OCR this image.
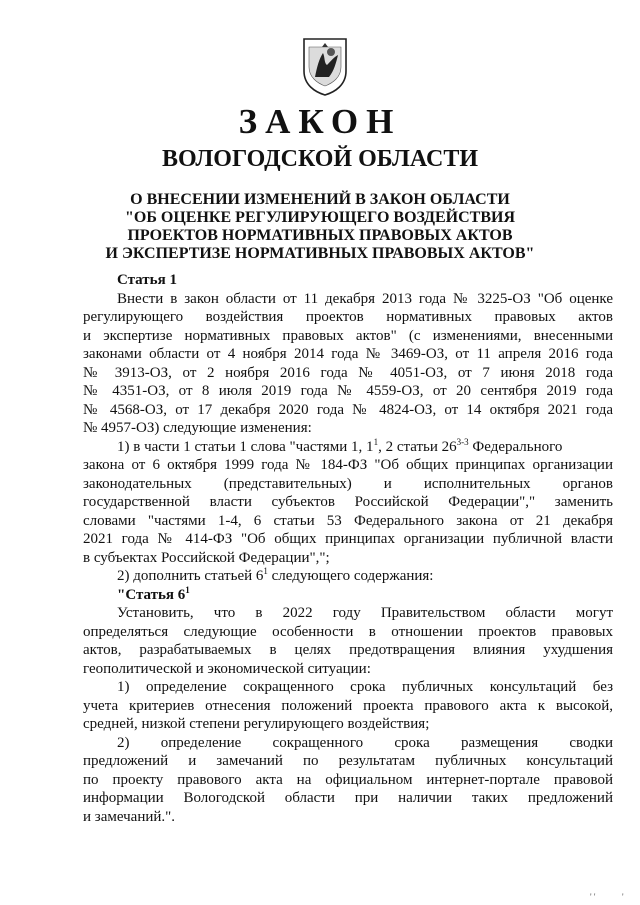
ЗАКОН
ВОЛОГОДСКОЙ ОБЛАСТИ
О ВНЕСЕНИИ ИЗМЕНЕНИЙ В ЗАКОН ОБЛАСТИ
"ОБ ОЦЕНКЕ РЕГУЛИРУЮЩЕГО ВОЗДЕЙСТВИЯ
ПРОЕКТОВ НОРМАТИВНЫХ ПРАВОВЫХ АКТОВ
И ЭКСПЕРТИЗЕ НОРМАТИВНЫХ ПРАВОВЫХ АКТОВ"
Статья 1
Внести в закон области от 11 декабря 2013 года № 3225-ОЗ "Об оценке
регулирующего воздействия проектов нормативных правовых актов
и экспертизе нормативных правовых актов" (с изменениями, внесенными
законами области от 4 ноября 2014 года № 3469-ОЗ, от 11 апреля 2016 года
№ 3913-ОЗ, от 2 ноября 2016 года № 4051-ОЗ, от 7 июня 2018 года
№ 4351-ОЗ, от 8 июля 2019 года № 4559-ОЗ, от 20 сентября 2019 года
№ 4568-ОЗ, от 17 декабря 2020 года № 4824-ОЗ, от 14 октября 2021 года
№ 4957-ОЗ) следующие изменения:
1) в части 1 статьи 1 слова "частями 1, $1^1$, 2 статьи 26$^{3-3}$ Федерального
закона от 6 октября 1999 года № 184-ФЗ "Об общих принципах организации
законодательных (представительных) и исполнительных органов
государственной власти субъектов Российской Федерации"," заменить
словами "частями 1-4, 6 статьи 53 Федерального закона от 21 декабря
2021 года № 414-ФЗ "Об общих принципах организации публичной власти
в субъектах Российской Федерации",";
2) дополнить статьей $6^1$ следующего содержания:
"Статья $6^1$
Установить, что в 2022 году Правительством области могут
определяться следующие особенности в отношении проектов правовых
актов, разрабатываемых в целях предотвращения влияния ухудшения
геополитической и экономической ситуации:
1) определение сокращенного срока публичных консультаций без
учета критериев отнесения положений проекта правового акта к высокой,
средней, низкой степени регулирующего воздействия;
2) определение сокращенного срока размещения сводки
предложений и замечаний по результатам публичных консультаций
по проекту правового акта на официальном интернет-портале правовой
информации Вологодской области при наличии таких предложений
и замечаний.".
' '	'
